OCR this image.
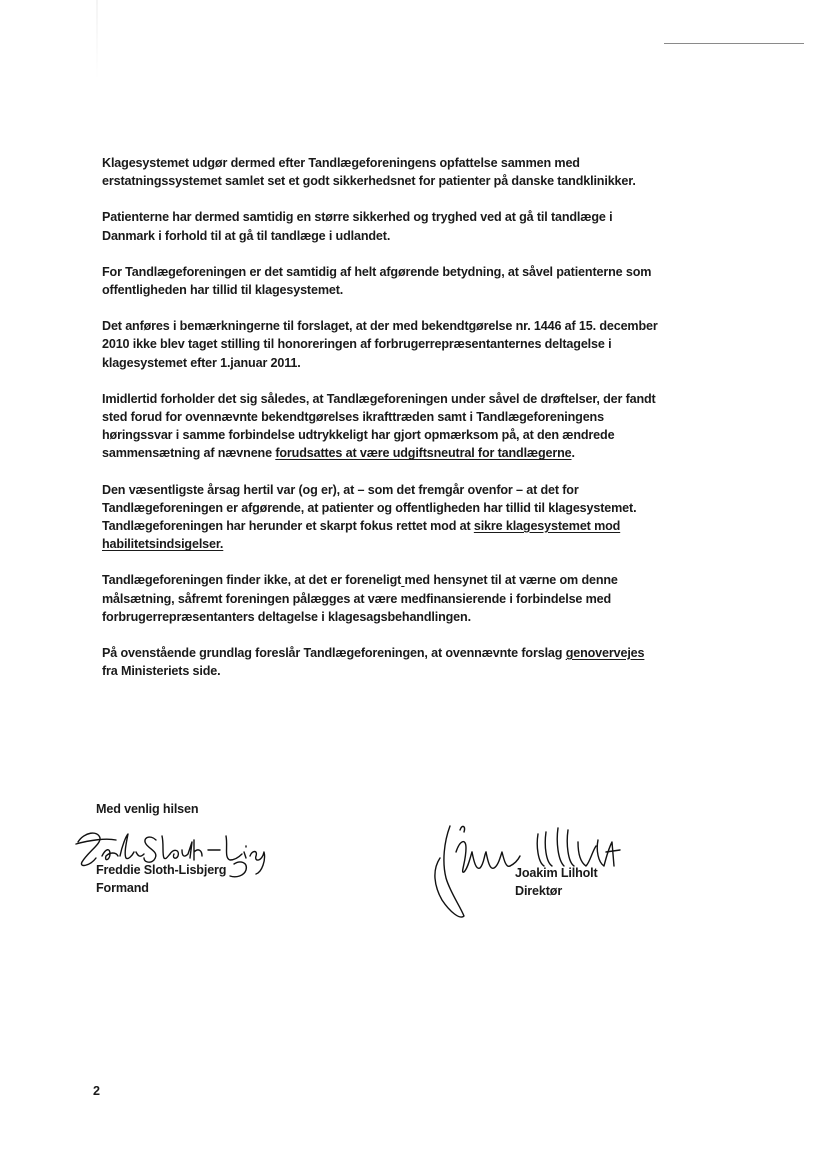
Klagesystemet udgør dermed efter Tandlægeforeningens opfattelse sammen med erstatningssystemet samlet set et godt sikkerhedsnet for patienter på danske tandklinikker.

Patienterne har dermed samtidig en større sikkerhed og tryghed ved at gå til tandlæge i Danmark i forhold til at gå til tandlæge i udlandet.

For Tandlægeforeningen er det samtidig af helt afgørende betydning, at såvel patienterne som offentligheden har tillid til klagesystemet.

Det anføres i bemærkningerne til forslaget, at der med bekendtgørelse nr. 1446 af 15. december 2010 ikke blev taget stilling til honoreringen af forbrugerrepræsentanternes deltagelse i klagesystemet efter 1.januar 2011.

Imidlertid forholder det sig således, at Tandlægeforeningen under såvel de drøftelser, der fandt sted forud for ovennævnte bekendtgørelses ikrafttræden samt i Tandlægeforeningens høringssvar i samme forbindelse udtrykkeligt har gjort opmærksom på, at den ændrede sammensætning af nævnene forudsattes at være udgiftsneutral for tandlægerne.

Den væsentligste årsag hertil var (og er), at – som det fremgår ovenfor – at det for Tandlægeforeningen er afgørende, at patienter og offentligheden har tillid til klagesystemet. Tandlægeforeningen har herunder et skarpt fokus rettet mod at sikre klagesystemet mod habilitetsindsigelser.

Tandlægeforeningen finder ikke, at det er foreneligt med hensynet til at værne om denne målsætning, såfremt foreningen pålægges at være medfinansierende i forbindelse med forbrugerrepræsentanters deltagelse i klagesagsbehandlingen.

På ovenstående grundlag foreslår Tandlægeforeningen, at ovennævnte forslag genovervejes fra Ministeriets side.

Med venlig hilsen
Freddie Sloth-Lisbjerg
Formand
Joakim Lilholt
Direktør
2
